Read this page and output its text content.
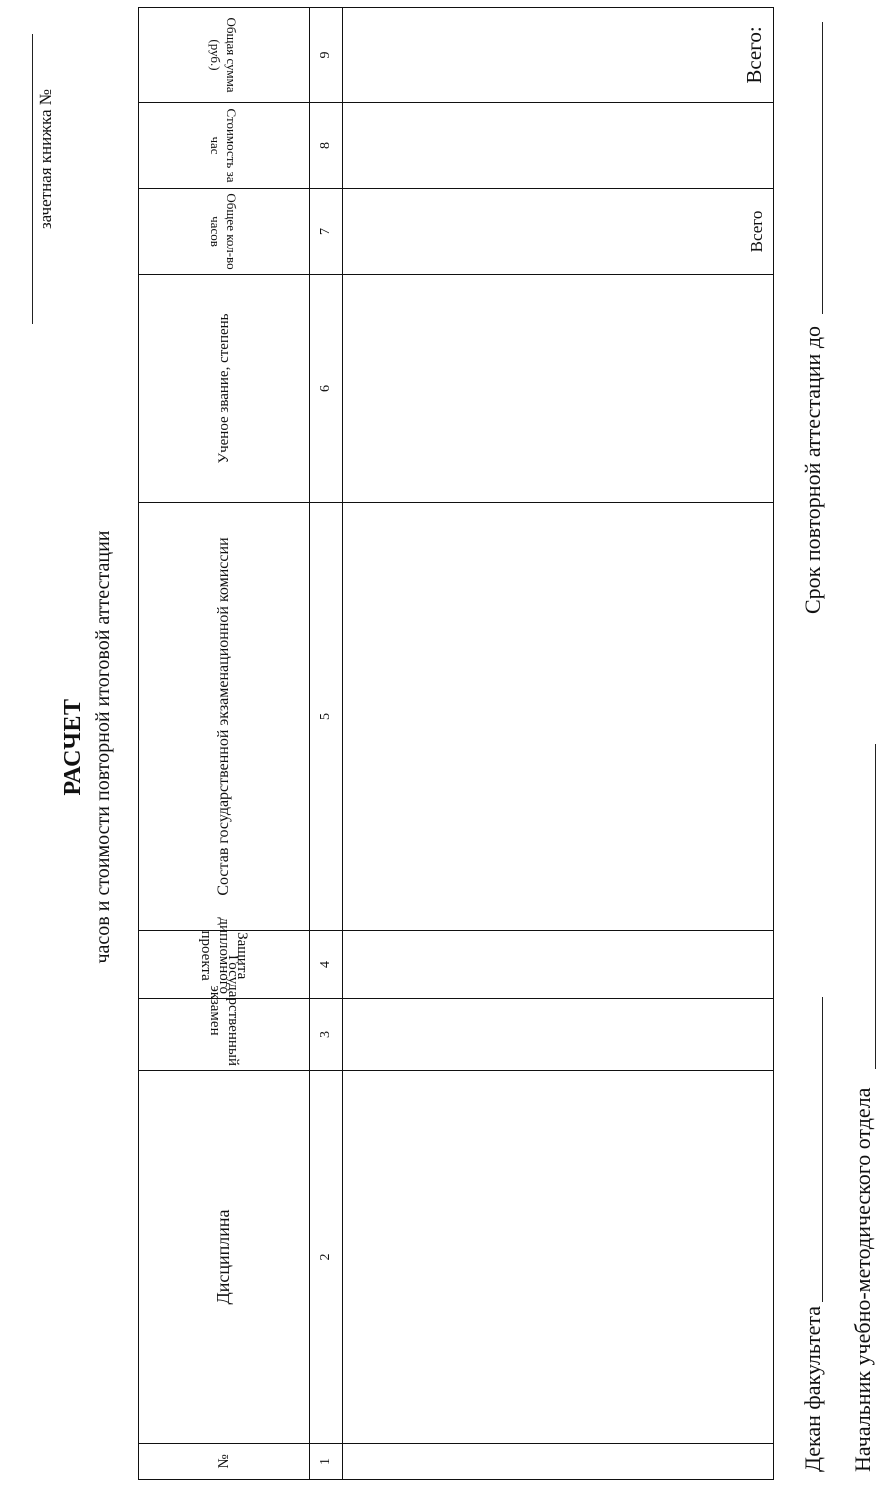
зачетная книжка №
РАСЧЕТ часов и стоимости повторной итоговой аттестации
№	Дисциплина	Государственный экзамен	Защита дипломного проекта	Состав государственной экзаменационной комиссии	Ученое звание, степень	Общее кол-во часов	Стоимость за час	Общая сумма (руб.)
1	2	3	4	5	6	7	8	9

						Всего		Всего:
Срок повторной аттестации до
Декан факультета Начальник учебно-методического отдела
